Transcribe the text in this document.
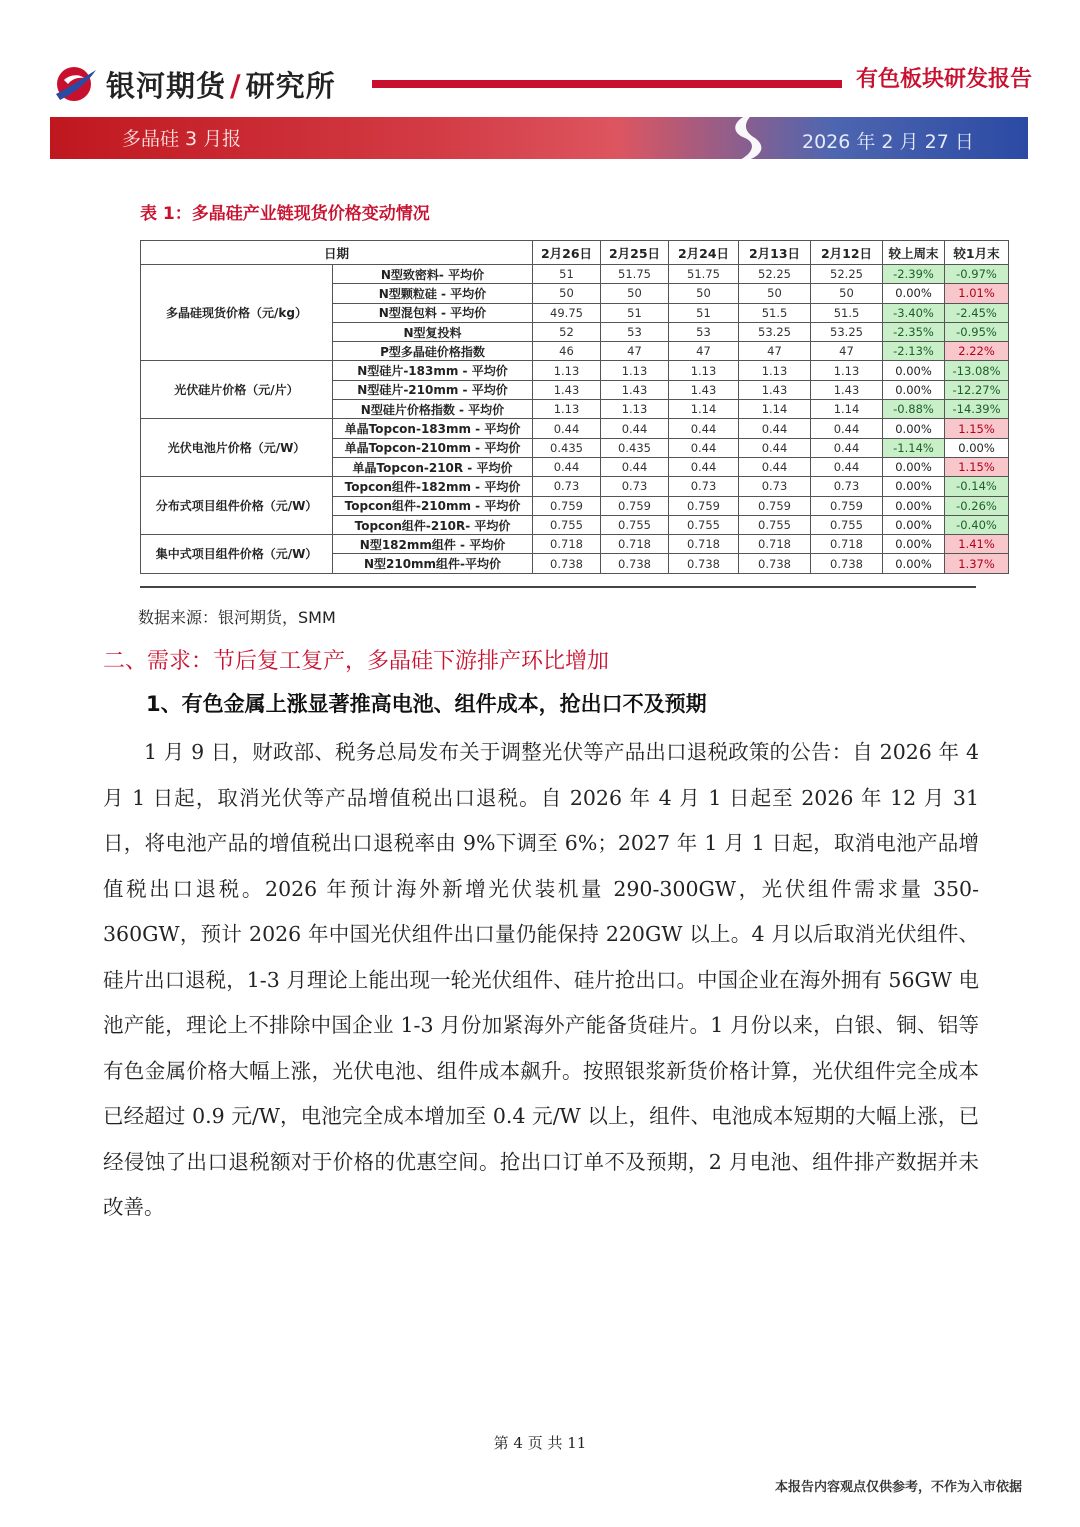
银河期货 / 研究所	有色板块研发报告
多晶硅 3 月报	2026 年 2 月 27 日
表 1：多晶硅产业链现货价格变动情况
日期		2月26日	2月25日	2月24日	2月13日	2月12日	较上周末	较1月末
多晶硅现货价格（元/kg）	N型致密料- 平均价	51	51.75	51.75	52.25	52.25	-2.39%	-0.97%
	N型颗粒硅 - 平均价	50	50	50	50	50	0.00%	1.01%
	N型混包料 - 平均价	49.75	51	51	51.5	51.5	-3.40%	-2.45%
	N型复投料	52	53	53	53.25	53.25	-2.35%	-0.95%
	P型多晶硅价格指数	46	47	47	47	47	-2.13%	2.22%
光伏硅片价格（元/片）	N型硅片-183mm - 平均价	1.13	1.13	1.13	1.13	1.13	0.00%	-13.08%
	N型硅片-210mm - 平均价	1.43	1.43	1.43	1.43	1.43	0.00%	-12.27%
	N型硅片价格指数 - 平均价	1.13	1.13	1.14	1.14	1.14	-0.88%	-14.39%
光伏电池片价格（元/W）	单晶Topcon-183mm - 平均价	0.44	0.44	0.44	0.44	0.44	0.00%	1.15%
	单晶Topcon-210mm - 平均价	0.435	0.435	0.44	0.44	0.44	-1.14%	0.00%
	单晶Topcon-210R - 平均价	0.44	0.44	0.44	0.44	0.44	0.00%	1.15%
分布式项目组件价格（元/W）	Topcon组件-182mm - 平均价	0.73	0.73	0.73	0.73	0.73	0.00%	-0.14%
	Topcon组件-210mm - 平均价	0.759	0.759	0.759	0.759	0.759	0.00%	-0.26%
	Topcon组件-210R- 平均价	0.755	0.755	0.755	0.755	0.755	0.00%	-0.40%
集中式项目组件价格（元/W）	N型182mm组件 - 平均价	0.718	0.718	0.718	0.718	0.718	0.00%	1.41%
	N型210mm组件-平均价	0.738	0.738	0.738	0.738	0.738	0.00%	1.37%
数据来源：银河期货，SMM
二、需求：节后复工复产，多晶硅下游排产环比增加
1、有色金属上涨显著推高电池、组件成本，抢出口不及预期

1 月 9 日，财政部、税务总局发布关于调整光伏等产品出口退税政策的公告：自 2026 年 4 月 1 日起，取消光伏等产品增值税出口退税。自 2026 年 4 月 1 日起至 2026 年 12 月 31 日，将电池产品的增值税出口退税率由 9%下调至 6%；2027 年 1 月 1 日起，取消电池产品增值税出口退税。2026 年预计海外新增光伏装机量 290-300GW，光伏组件需求量 350-360GW，预计 2026 年中国光伏组件出口量仍能保持 220GW 以上。4 月以后取消光伏组件、硅片出口退税，1-3 月理论上能出现一轮光伏组件、硅片抢出口。中国企业在海外拥有 56GW 电池产能，理论上不排除中国企业 1-3 月份加紧海外产能备货硅片。1 月份以来，白银、铜、铝等有色金属价格大幅上涨，光伏电池、组件成本飙升。按照银浆新货价格计算，光伏组件完全成本已经超过 0.9 元/W，电池完全成本增加至 0.4 元/W 以上，组件、电池成本短期的大幅上涨，已经侵蚀了出口退税额对于价格的优惠空间。抢出口订单不及预期，2 月电池、组件排产数据并未改善。

第 4 页 共 11
本报告内容观点仅供参考，不作为入市依据
